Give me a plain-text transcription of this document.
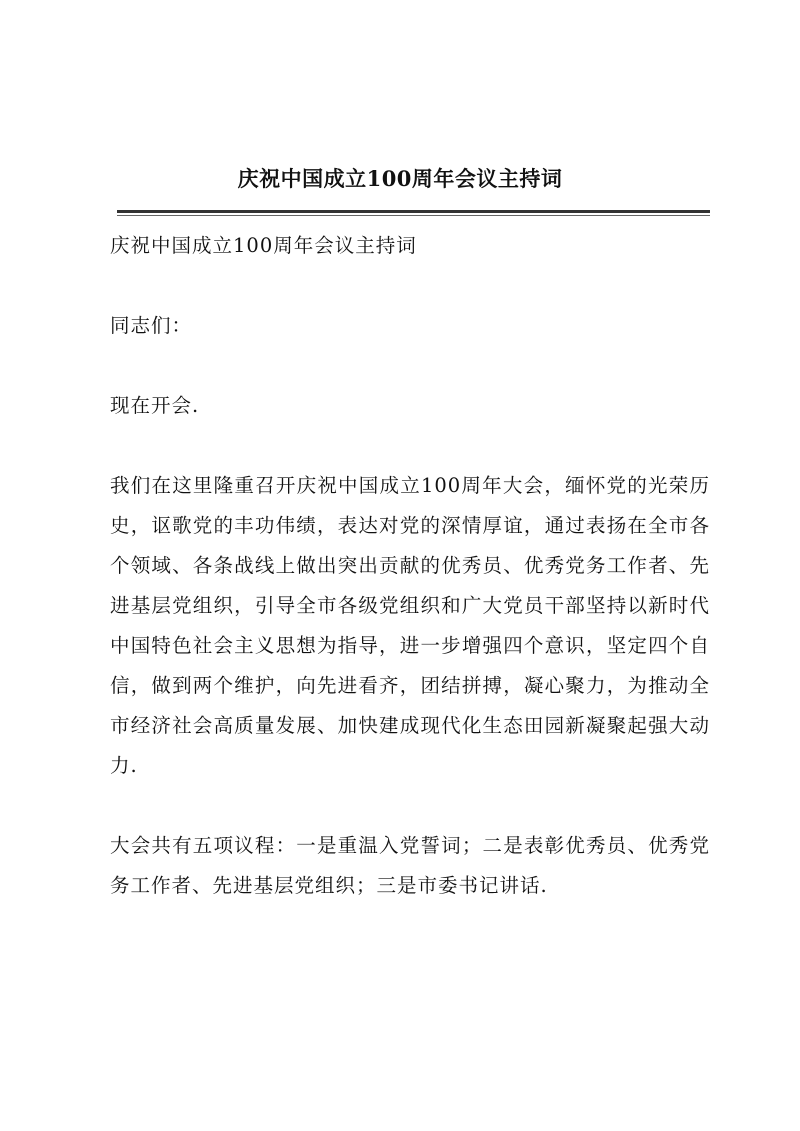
庆祝中国成立100周年会议主持词

庆祝中国成立100周年会议主持词

同志们：

现在开会.

我们在这里隆重召开庆祝中国成立100周年大会，缅怀党的光荣历史，讴歌党的丰功伟绩，表达对党的深情厚谊，通过表扬在全市各个领域、各条战线上做出突出贡献的优秀员、优秀党务工作者、先进基层党组织，引导全市各级党组织和广大党员干部坚持以新时代中国特色社会主义思想为指导，进一步增强四个意识，坚定四个自信，做到两个维护，向先进看齐，团结拼搏，凝心聚力，为推动全市经济社会高质量发展、加快建成现代化生态田园新凝聚起强大动力.

大会共有五项议程：一是重温入党誓词；二是表彰优秀员、优秀党务工作者、先进基层党组织；三是市委书记讲话.
